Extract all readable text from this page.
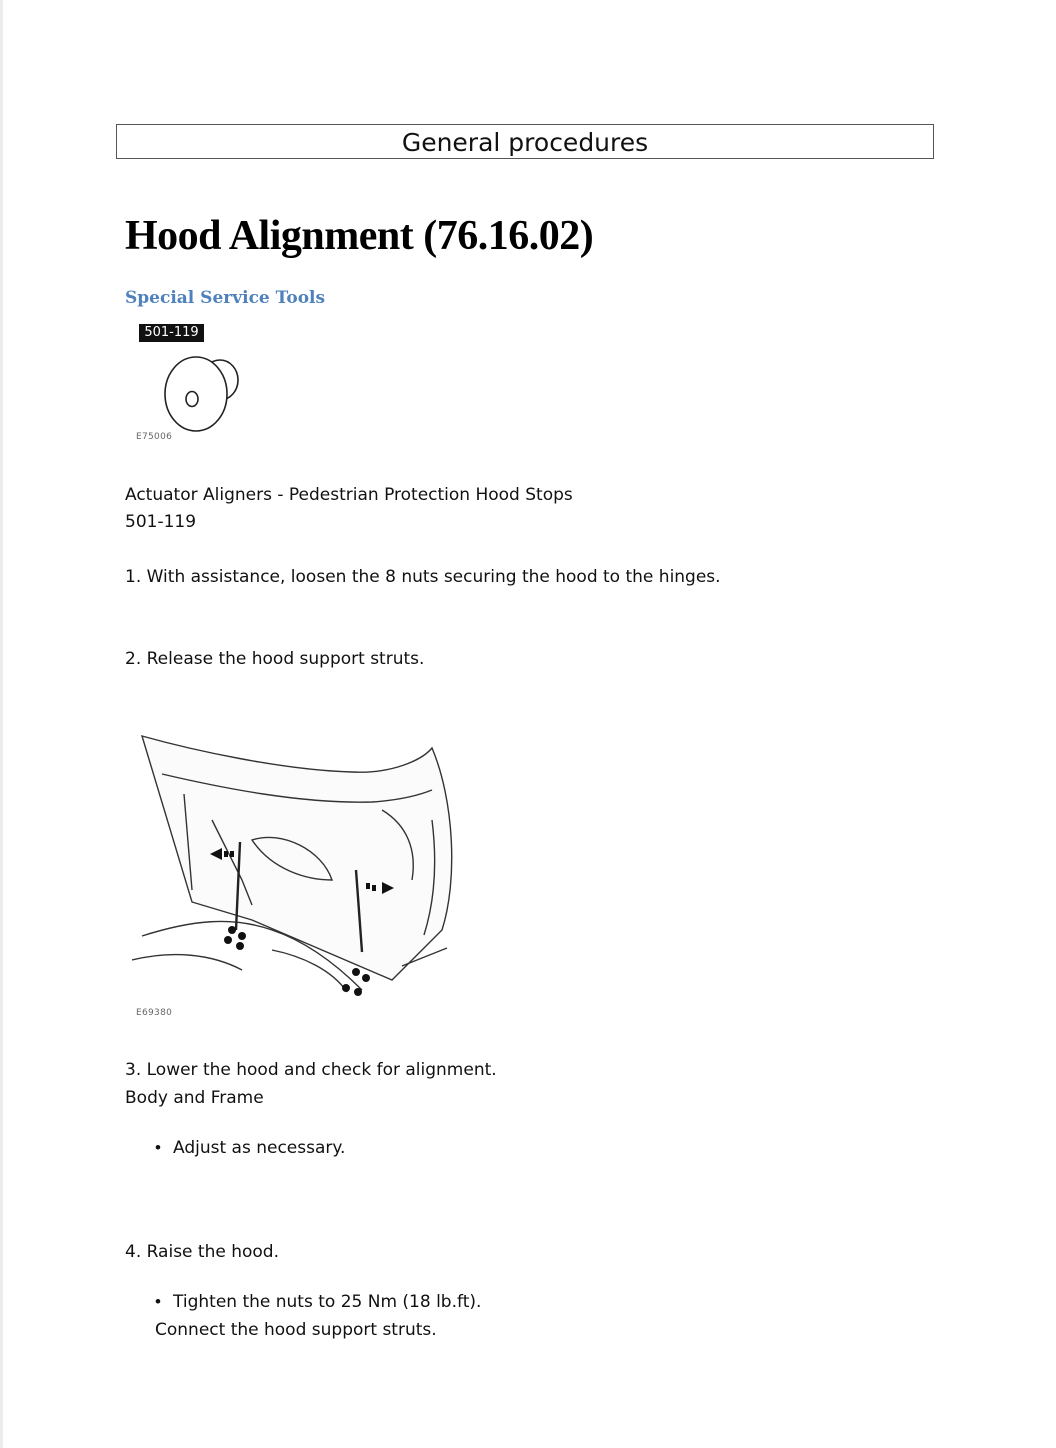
General procedures
Hood Alignment (76.16.02)
Special Service Tools
501-119
E75006
Actuator Aligners - Pedestrian Protection Hood Stops
501-119
1. With assistance, loosen the 8 nuts securing the hood to the hinges.
2. Release the hood support struts.
E69380
3. Lower the hood and check for alignment.
Body and Frame
• Adjust as necessary.
4. Raise the hood.
• Tighten the nuts to 25 Nm (18 lb.ft).
Connect the hood support struts.
